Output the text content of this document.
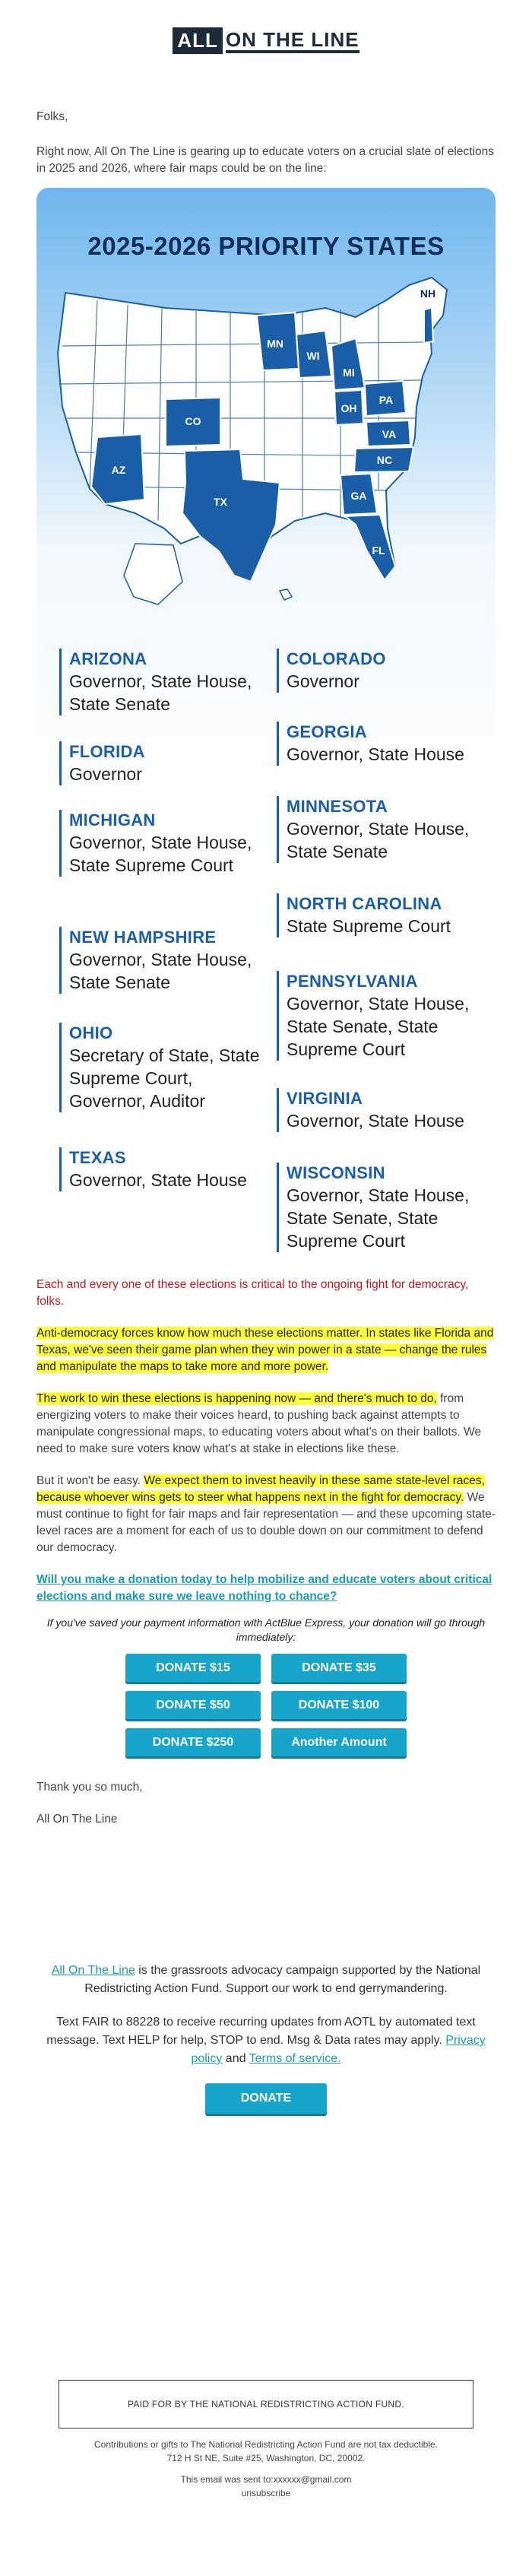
ALL ON THE LINE

Folks,

Right now, All On The Line is gearing up to educate voters on a crucial slate of elections in 2025 and 2026, where fair maps could be on the line:

2025-2026 PRIORITY STATES
MN
WI
MI
PA
OH
CO
VA
NC
AZ
GA
TX
FL
NH
ARIZONA
Governor, State House, State Senate
FLORIDA
Governor
MICHIGAN
Governor, State House, State Supreme Court
NEW HAMPSHIRE
Governor, State House, State Senate
OHIO
Secretary of State, State Supreme Court, Governor, Auditor
TEXAS
Governor, State House
COLORADO
Governor
GEORGIA
Governor, State House
MINNESOTA
Governor, State House, State Senate
NORTH CAROLINA
State Supreme Court
PENNSYLVANIA
Governor, State House, State Senate, State Supreme Court
VIRGINIA
Governor, State House
WISCONSIN
Governor, State House, State Senate, State Supreme Court

Each and every one of these elections is critical to the ongoing fight for democracy, folks.

Anti-democracy forces know how much these elections matter. In states like Florida and Texas, we've seen their game plan when they win power in a state — change the rules and manipulate the maps to take more and more power.

The work to win these elections is happening now — and there's much to do, from energizing voters to make their voices heard, to pushing back against attempts to manipulate congressional maps, to educating voters about what's on their ballots. We need to make sure voters know what's at stake in elections like these.

But it won't be easy. We expect them to invest heavily in these same state-level races, because whoever wins gets to steer what happens next in the fight for democracy. We must continue to fight for fair maps and fair representation — and these upcoming state-level races are a moment for each of us to double down on our commitment to defend our democracy.

Will you make a donation today to help mobilize and educate voters about critical elections and make sure we leave nothing to chance?

If you've saved your payment information with ActBlue Express, your donation will go through immediately:

DONATE $15	DONATE $35
DONATE $50	DONATE $100
DONATE $250	Another Amount

Thank you so much,

All On The Line

All On The Line is the grassroots advocacy campaign supported by the National Redistricting Action Fund. Support our work to end gerrymandering.

Text FAIR to 88228 to receive recurring updates from AOTL by automated text message. Text HELP for help, STOP to end. Msg & Data rates may apply. Privacy policy and Terms of service.

DONATE
PAID FOR BY THE NATIONAL REDISTRICTING ACTION FUND.

Contributions or gifts to The National Redistricting Action Fund are not tax deductible.

712 H St NE, Suite #25, Washington, DC, 20002.

This email was sent to:xxxxxx@gmail.com

unsubscribe
